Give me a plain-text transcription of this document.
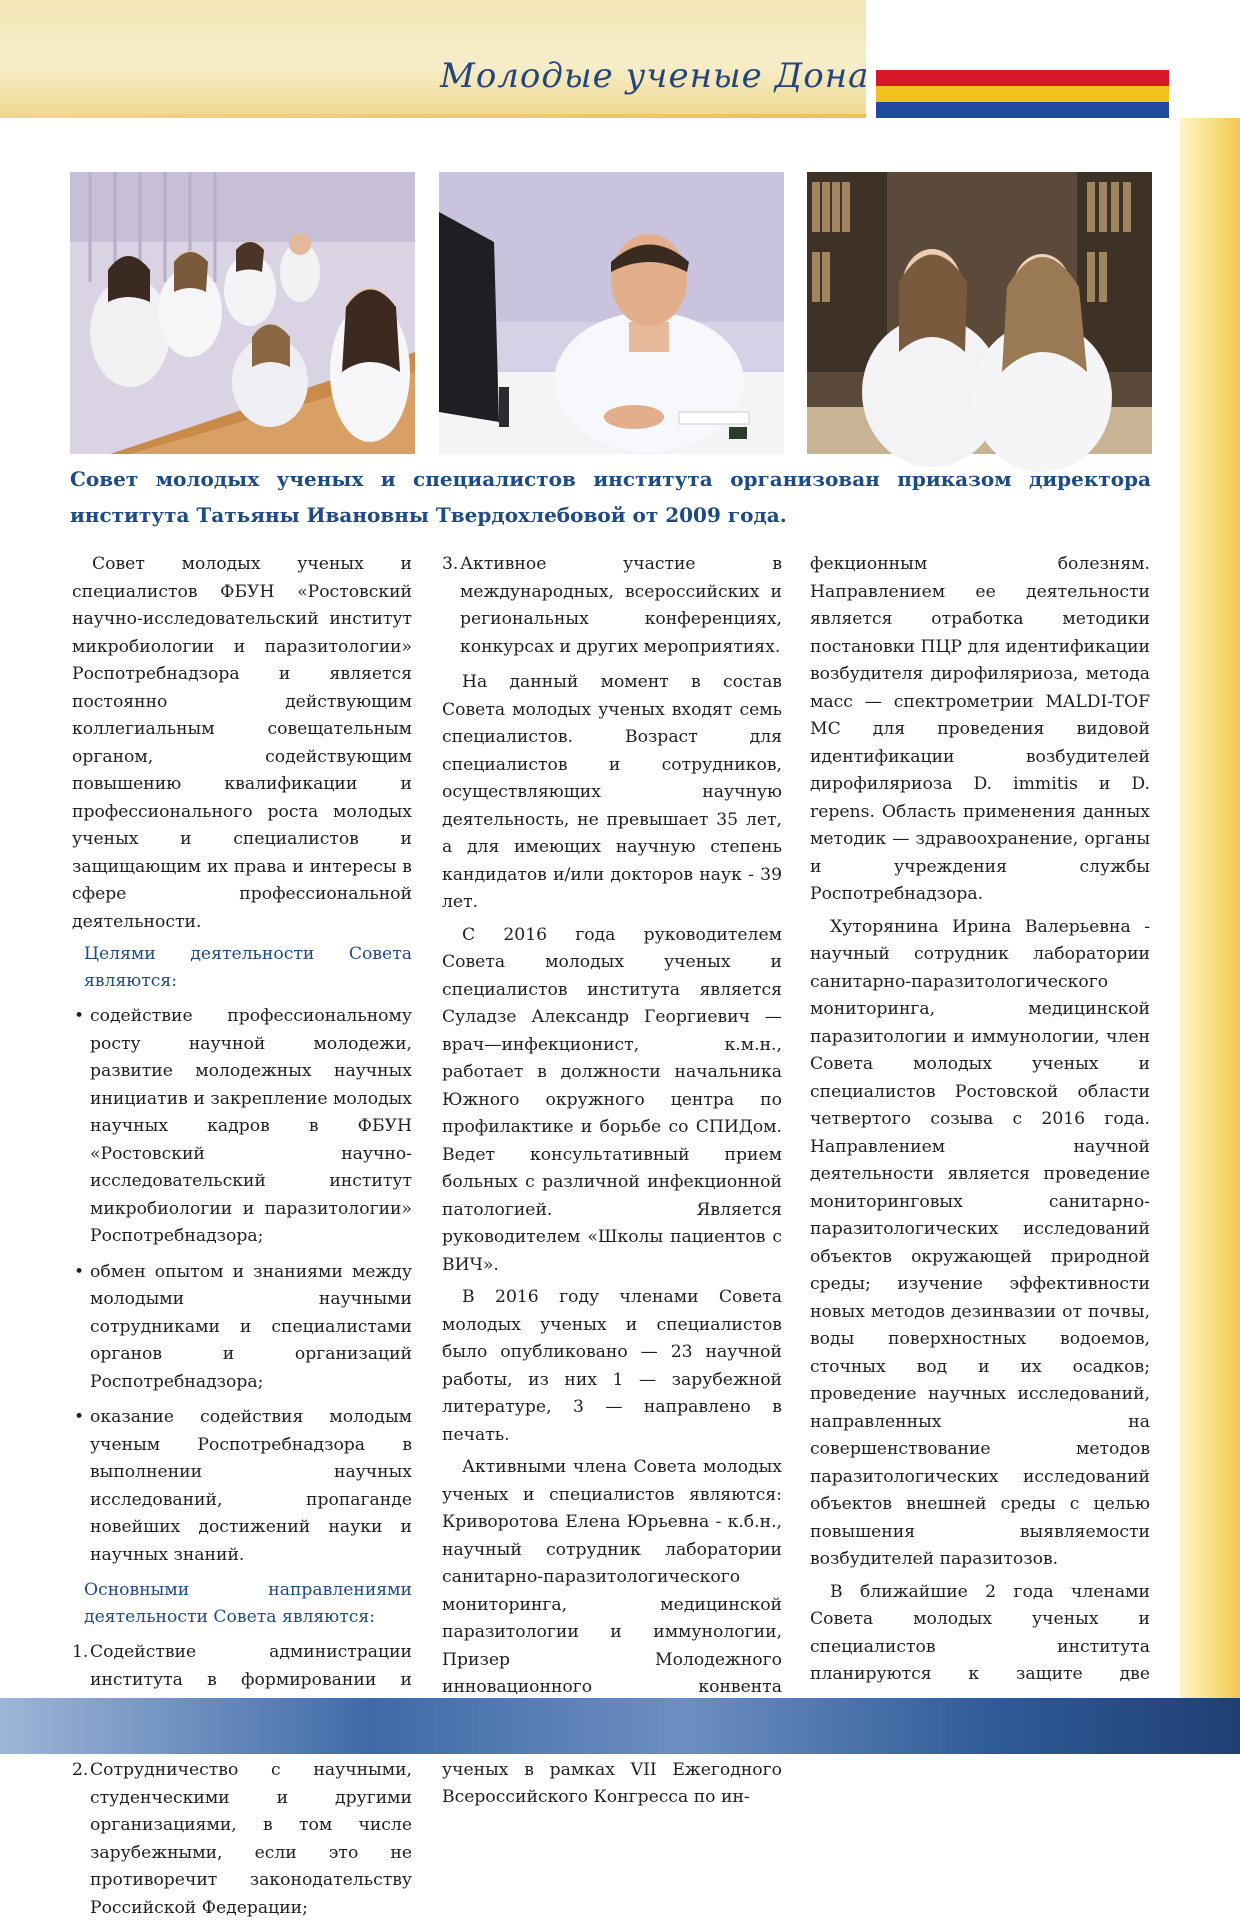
Молодые ученые Дона
Совет молодых ученых и специалистов института организован приказом директора института Татьяны Ивановны Твердохлебовой от 2009 года.

Совет молодых ученых и специалистов ФБУН «Ростовский научно-исследовательский институт микробиологии и паразитологии» Роспотребнадзора и является постоянно действующим коллегиальным совещательным органом, содействующим повышению квалификации и профессионального роста молодых ученых и специалистов и защищающим их права и интересы в сфере профессиональной деятельности.

Целями деятельности Совета являются:
• содействие профессиональному росту научной молодежи, развитие молодежных научных инициатив и закрепление молодых научных кадров в ФБУН «Ростовский научно-исследовательский институт микробиологии и паразитологии» Роспотребнадзора;
• обмен опытом и знаниями между молодыми научными сотрудниками и специалистами органов и организаций Роспотребнадзора;
• оказание содействия молодым ученым Роспотребнадзора в выполнении научных исследований, пропаганде новейших достижений науки и научных знаний.
Основными направлениями деятельности Совета являются:
1. Содействие администрации института в формировании и
2. Сотрудничество с научными, студенческими и другими организациями, в том числе зарубежными, если это не противоречит законодательству Российской Федерации;
3. Активное участие в международных, всероссийских и региональных конференциях, конкурсах и других мероприятиях.

На данный момент в состав Совета молодых ученых входят семь специалистов. Возраст для специалистов и сотрудников, осуществляющих научную деятельность, не превышает 35 лет, а для имеющих научную степень кандидатов и/или докторов наук - 39 лет.

С 2016 года руководителем Совета молодых ученых и специалистов института является Суладзе Александр Георгиевич — врач—инфекционист, к.м.н., работает в должности начальника Южного окружного центра по профилактике и борьбе со СПИДом. Ведет консультативный прием больных с различной инфекционной патологией. Является руководителем «Школы пациентов с ВИЧ».

В 2016 году членами Совета молодых ученых и специалистов было опубликовано — 23 научной работы, из них 1 — зарубежной литературе, 3 — направлено в печать.

Активными члена Совета молодых ученых и специалистов являются: Криворотова Елена Юрьевна - к.б.н., научный сотрудник лаборатории санитарно-паразитологического мониторинга, медицинской паразитологии и иммунологии, Призер Молодежного инновационного конвента ученых в рамках VII Ежегодного Всероссийского Конгресса по ин-

фекционным болезням. Направлением ее деятельности является отработка методики постановки ПЦР для идентификации возбудителя дирофиляриоза, метода масс — спектрометрии MALDI-TOF MC для проведения видовой идентификации возбудителей дирофиляриоза D. immitis и D. repens. Область применения данных методик — здравоохранение, органы и учреждения службы Роспотребнадзора.

Хуторянина Ирина Валерьевна - научный сотрудник лаборатории санитарно-паразитологического мониторинга, медицинской паразитологии и иммунологии, член Совета молодых ученых и специалистов Ростовской области четвертого созыва с 2016 года. Направлением научной деятельности является проведение мониторинговых санитарно-паразитологических исследований объектов окружающей природной среды; изучение эффективности новых методов дезинвазии от почвы, воды поверхностных водоемов, сточных вод и их осадков; проведение научных исследований, направленных на совершенствование методов паразитологических исследований объектов внешней среды с целью повышения выявляемости возбудителей паразитозов.

В ближайшие 2 года членами Совета молодых ученых и специалистов института планируются к защите две
